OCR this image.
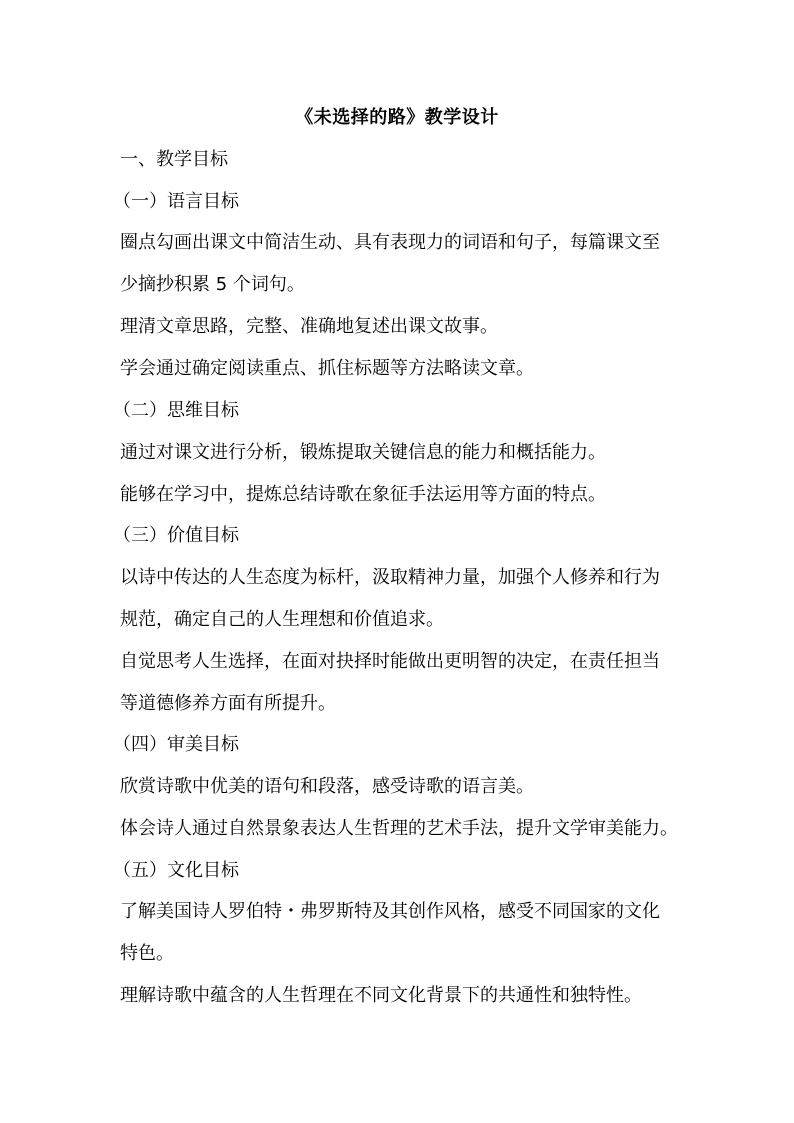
《未选择的路》教学设计
一、教学目标
（一）语言目标
圈点勾画出课文中简洁生动、具有表现力的词语和句子，每篇课文至
少摘抄积累 5 个词句。
理清文章思路，完整、准确地复述出课文故事。
学会通过确定阅读重点、抓住标题等方法略读文章。
（二）思维目标
通过对课文进行分析，锻炼提取关键信息的能力和概括能力。
能够在学习中，提炼总结诗歌在象征手法运用等方面的特点。
（三）价值目标
以诗中传达的人生态度为标杆，汲取精神力量，加强个人修养和行为
规范，确定自己的人生理想和价值追求。
自觉思考人生选择，在面对抉择时能做出更明智的决定，在责任担当
等道德修养方面有所提升。
（四）审美目标
欣赏诗歌中优美的语句和段落，感受诗歌的语言美。
体会诗人通过自然景象表达人生哲理的艺术手法，提升文学审美能力。
（五）文化目标
了解美国诗人罗伯特・弗罗斯特及其创作风格，感受不同国家的文化
特色。
理解诗歌中蕴含的人生哲理在不同文化背景下的共通性和独特性。
